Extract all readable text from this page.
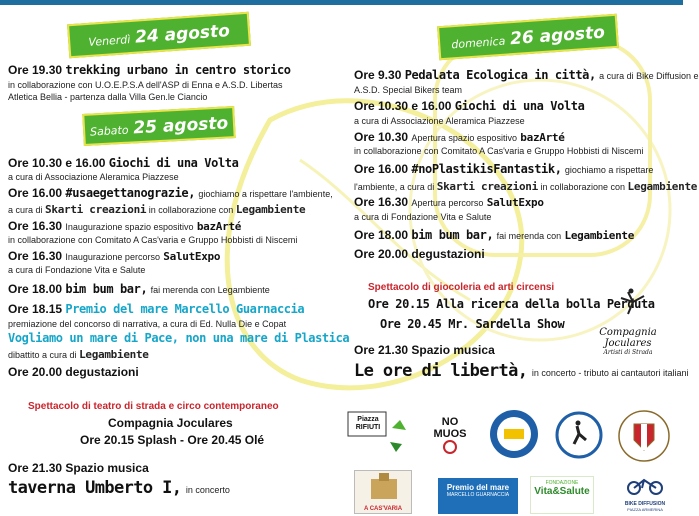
Venerdì 24 agosto	domenica 26 agosto
Sabato 25 agosto
Ore 19.30 trekking urbano in centro storico
in collaborazione con U.O.E.P.S.A dell'ASP di Enna e A.S.D. Libertas
Atletica Bellia - partenza dalla Villa Gen.le Ciancio
Ore 10.30 e 16.00 Giochi di una Volta
a cura di Associazione Aleramica Piazzese
Ore 16.00 #usaegettanograzie, giochiamo a rispettare l'ambiente,
a cura di Skarti creazioni in collaborazione con Legambiente
Ore 16.30 Inaugurazione spazio espositivo bazArté
in collaborazione con Comitato A Cas'varia e Gruppo Hobbisti di Niscemi
Ore 16.30 Inaugurazione percorso SalutExpo
a cura di Fondazione Vita e Salute
Ore 18.00 bim bum bar, fai merenda con Legambiente
Ore 18.15 Premio del mare Marcello Guarnaccia
premiazione del concorso di narrativa, a cura di Ed. Nulla Die e Copat
Vogliamo un mare di Pace, non una mare di Plastica
dibattito a cura di Legambiente
Ore 20.00 degustazioni
Spettacolo di teatro di strada e circo contemporaneo
Compagnia Joculares
Ore 20.15 Splash - Ore 20.45 Olé
Ore 21.30 Spazio musica
taverna Umberto I, in concerto
Ore 9.30 Pedalata Ecologica in città, a cura di Bike Diffusion e
A.S.D. Special Bikers team
Ore 10.30 e 16.00 Giochi di una Volta
a cura di Associazione Aleramica Piazzese
Ore 10.30 Apertura spazio espositivo bazArté
in collaborazione con Comitato A Cas'varia e Gruppo Hobbisti di Niscemi
Ore 16.00 #noPlastikisFantastik, giochiamo a rispettare
l'ambiente, a cura di Skarti creazioni in collaborazione con Legambiente
Ore 16.30 Apertura percorso SalutExpo
a cura di Fondazione Vita e Salute
Ore 18.00 bim bum bar, fai merenda con Legambiente
Ore 20.00 degustazioni
Spettacolo di giocoleria ed arti circensi
Ore 20.15 Alla ricerca della bolla Perduta
Ore 20.45 Mr. Sardella Show
Ore 21.30 Spazio musica
Le ore di libertà, in concerto - tributo ai cantautori italiani
Compagnia Joculares
Artisti di Strada
Piazza RIFIUTI	NO MUOS
A CAS'VARIA
Premio del mare
MARCELLO GUARNACCIA
FONDAZIONE
Vita&Salute
BIKE DIFFUSION
PIAZZA ARMERINA
